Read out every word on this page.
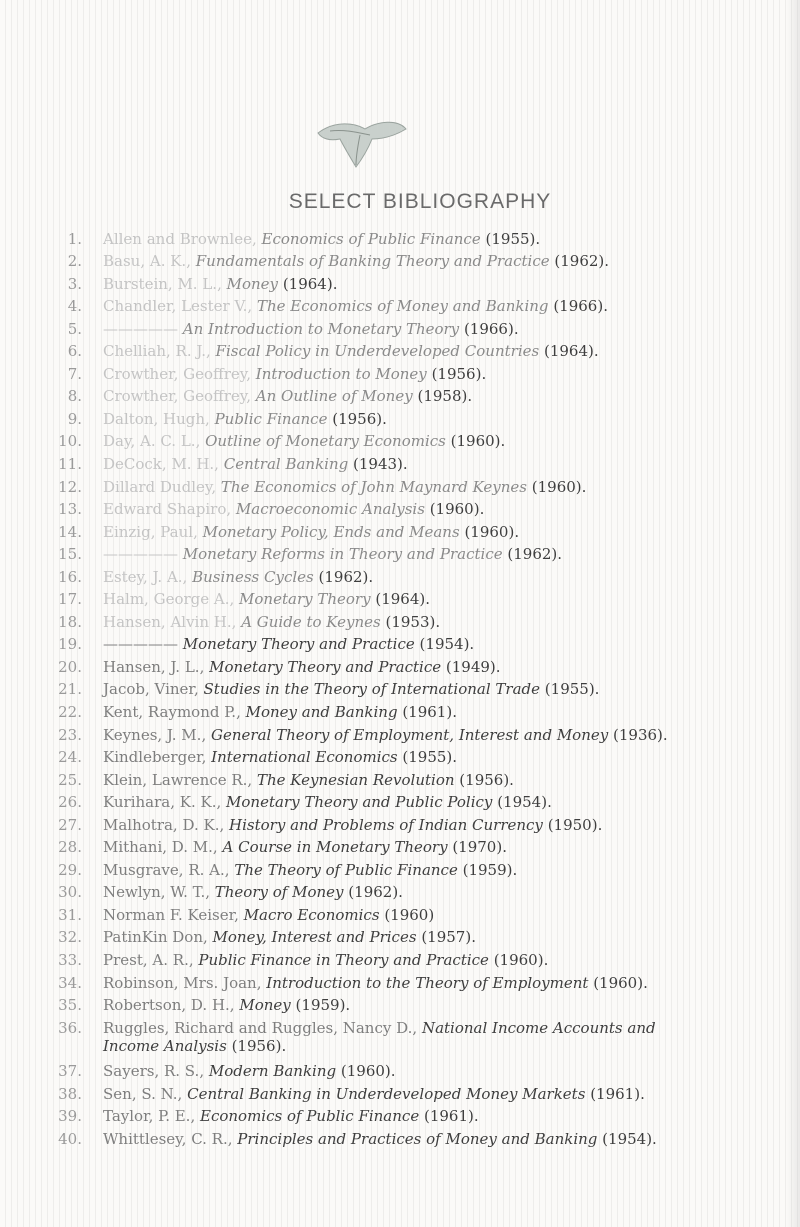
SELECT BIBLIOGRAPHY
1. Allen and Brownlee, Economics of Public Finance (1955).
2. Basu, A. K., Fundamentals of Banking Theory and Practice (1962).
3. Burstein, M. L., Money (1964).
4. Chandler, Lester V., The Economics of Money and Banking (1966).
5. ————— An Introduction to Monetary Theory (1966).
6. Chelliah, R. J., Fiscal Policy in Underdeveloped Countries (1964).
7. Crowther, Geoffrey, Introduction to Money (1956).
8. Crowther, Geoffrey, An Outline of Money (1958).
9. Dalton, Hugh, Public Finance (1956).
10. Day, A. C. L., Outline of Monetary Economics (1960).
11. DeCock, M. H., Central Banking (1943).
12. Dillard Dudley, The Economics of John Maynard Keynes (1960).
13. Edward Shapiro, Macroeconomic Analysis (1960).
14. Einzig, Paul, Monetary Policy, Ends and Means (1960).
15. ————— Monetary Reforms in Theory and Practice (1962).
16. Estey, J. A., Business Cycles (1962).
17. Halm, George A., Monetary Theory (1964).
18. Hansen, Alvin H., A Guide to Keynes (1953).
19. ————— Monetary Theory and Practice (1954).
20. Hansen, J. L., Monetary Theory and Practice (1949).
21. Jacob, Viner, Studies in the Theory of International Trade (1955).
22. Kent, Raymond P., Money and Banking (1961).
23. Keynes, J. M., General Theory of Employment, Interest and Money (1936).
24. Kindleberger, International Economics (1955).
25. Klein, Lawrence R., The Keynesian Revolution (1956).
26. Kurihara, K. K., Monetary Theory and Public Policy (1954).
27. Malhotra, D. K., History and Problems of Indian Currency (1950).
28. Mithani, D. M., A Course in Monetary Theory (1970).
29. Musgrave, R. A., The Theory of Public Finance (1959).
30. Newlyn, W. T., Theory of Money (1962).
31. Norman F. Keiser, Macro Economics (1960)
32. PatinKin Don, Money, Interest and Prices (1957).
33. Prest, A. R., Public Finance in Theory and Practice (1960).
34. Robinson, Mrs. Joan, Introduction to the Theory of Employment (1960).
35. Robertson, D. H., Money (1959).
36. Ruggles, Richard and Ruggles, Nancy D., National Income Accounts and Income Analysis (1956).
37. Sayers, R. S., Modern Banking (1960).
38. Sen, S. N., Central Banking in Underdeveloped Money Markets (1961).
39. Taylor, P. E., Economics of Public Finance (1961).
40. Whittlesey, C. R., Principles and Practices of Money and Banking (1954).
